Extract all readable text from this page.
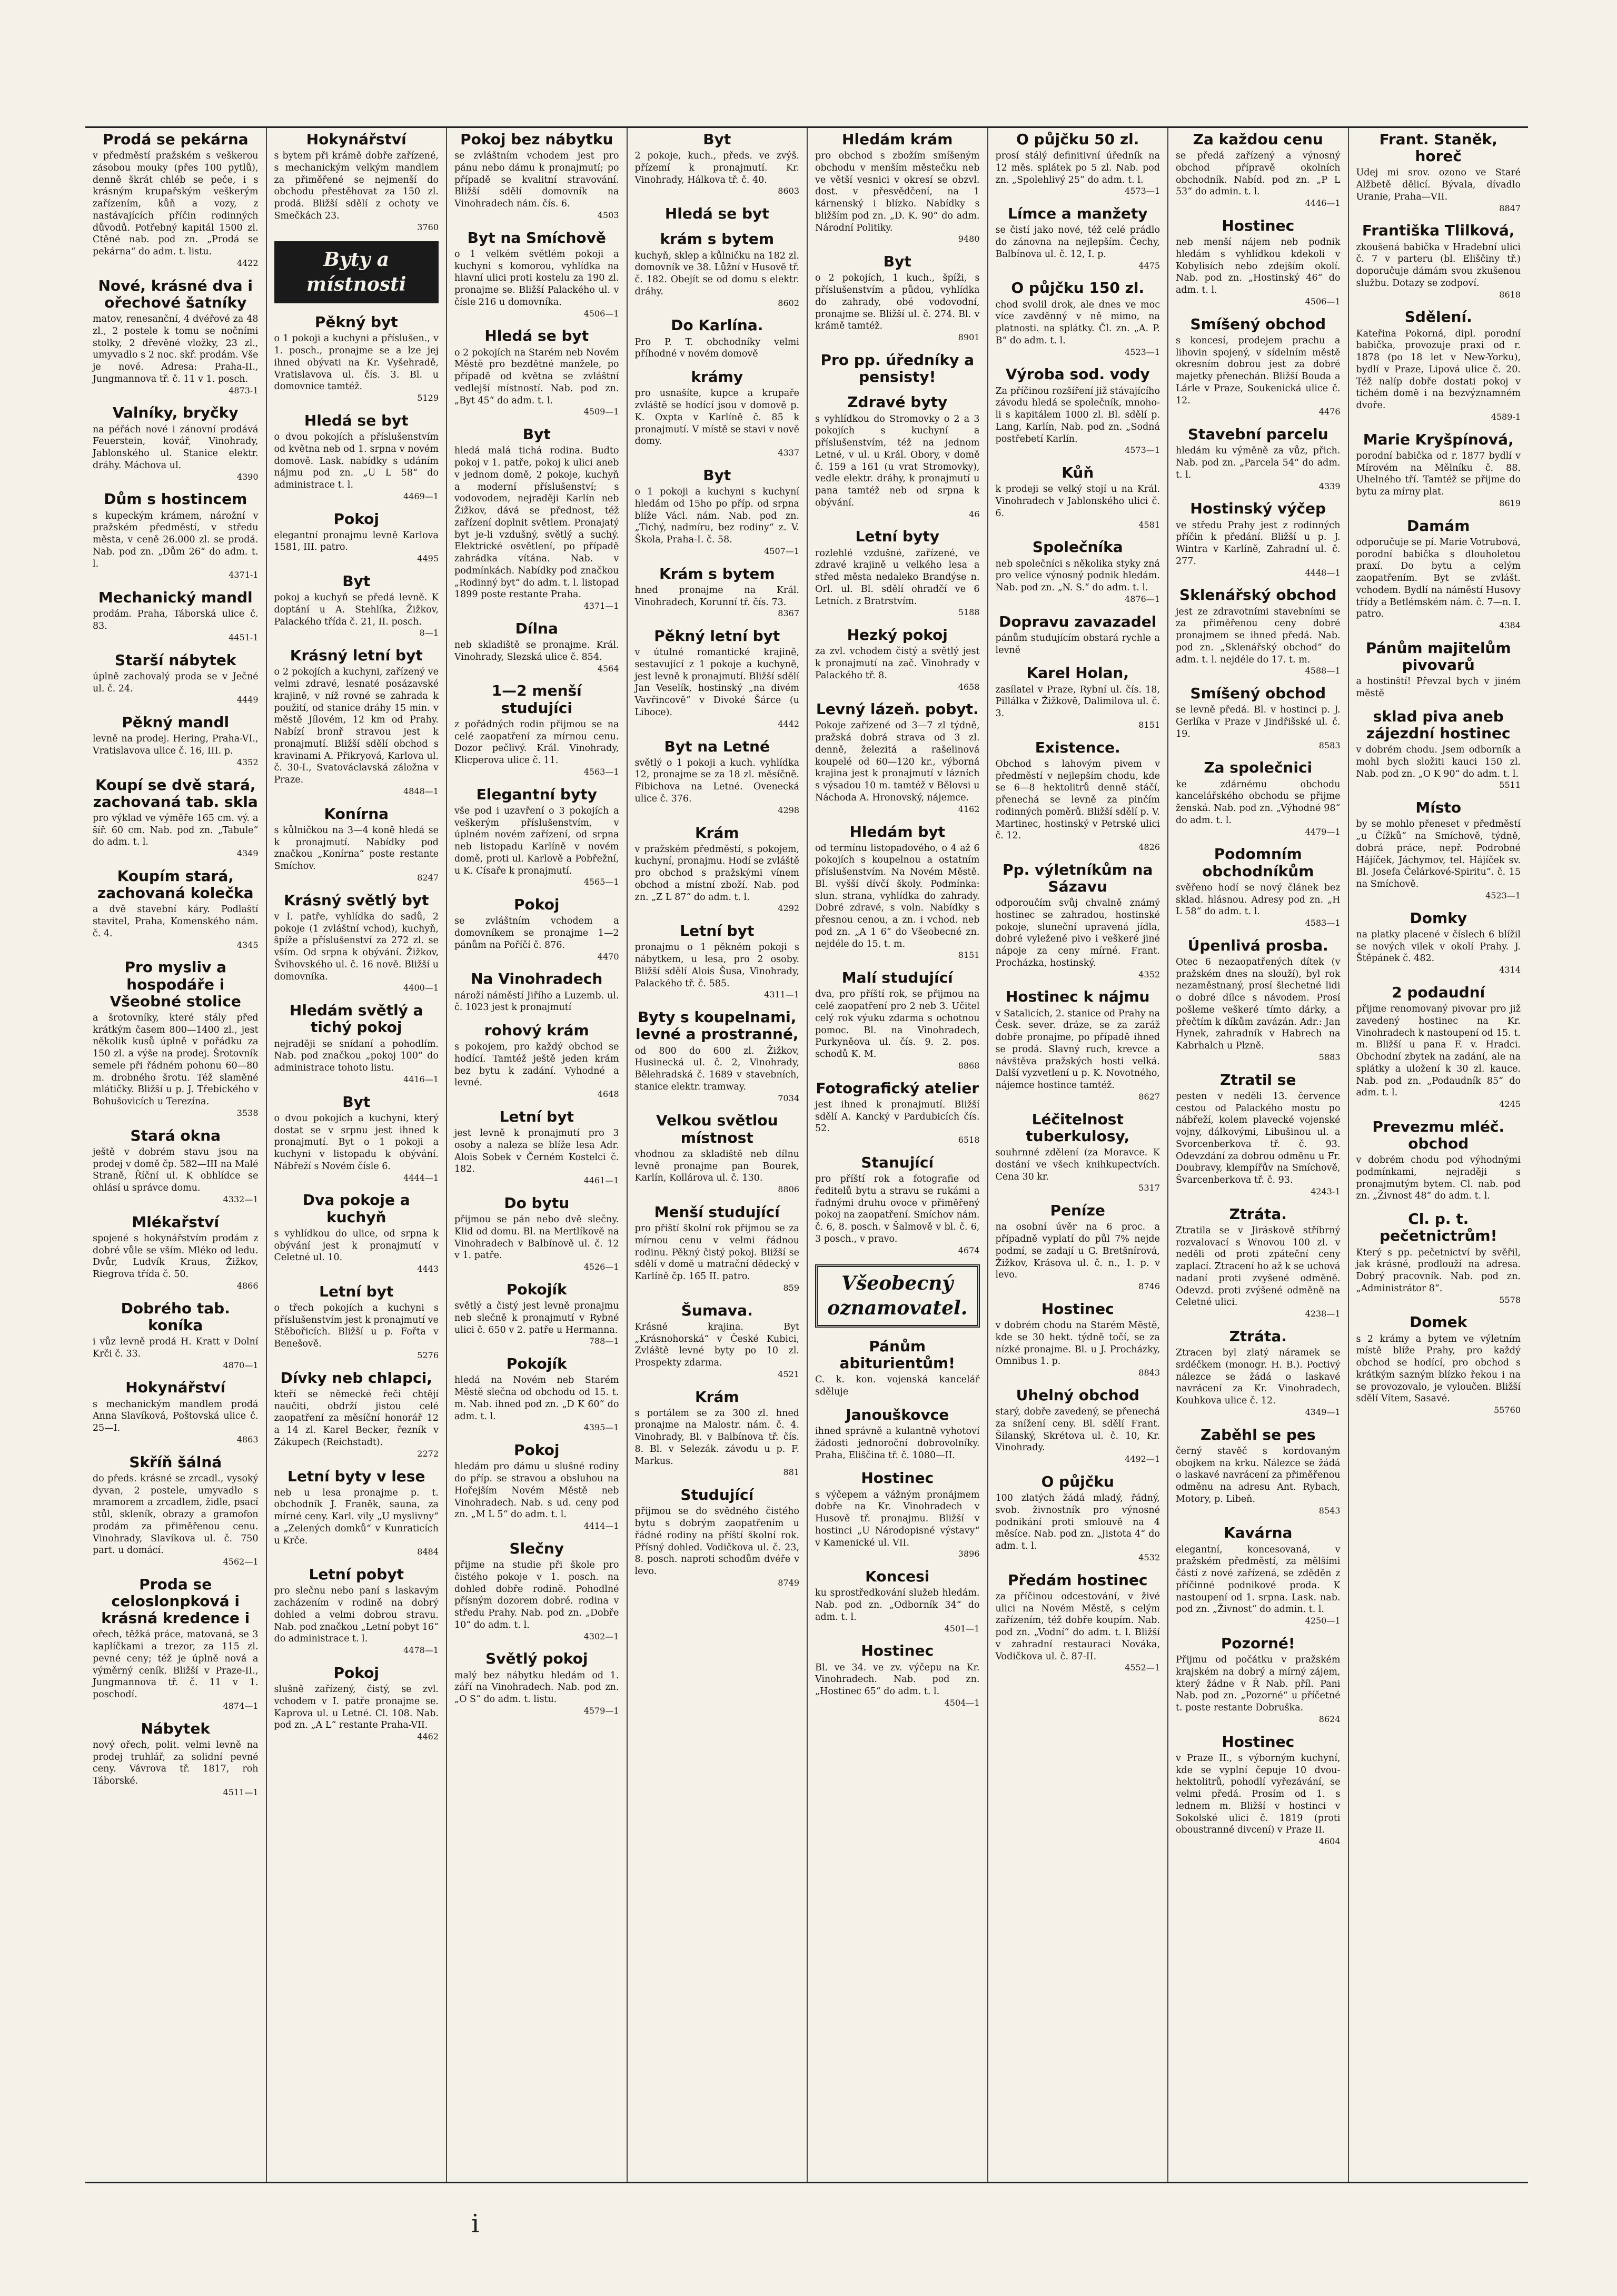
Prodá se pekárna
v předměstí pražském s veškerou zásobou mouky (přes 100 pytlů), denně škrát chléb se peče, i s krásným krupařským veškerým zařízením, kůň a vozy, z nastávajících příčin rodinných důvodů. Potřebný kapitál 1500 zl. Ctěné nab. pod zn. „Prodá se pekárna“ do adm. t. listu.
4422
Nové, krásné dva i ořechové šatníky
matov, renesanční, 4 dvéřové za 48 zl., 2 postele k tomu se nočními stolky, 2 dřevěné vložky, 23 zl., umyvadlo s 2 noc. skř. prodám. Vše je nové. Adresa: Praha-II., Jungmannova tř. č. 11 v 1. posch.
4873-1
Valníky, bryčky
na péřách nové i zánovní prodává Feuerstein, kovář, Vinohrady, Jablonského ul. Stanice elektr. dráhy. Máchova ul.
4390
Dům s hostincem
s kupeckým krámem, nárožní v pražském předměstí, v středu města, v ceně 26.000 zl. se prodá. Nab. pod zn. „Dům 26“ do adm. t. l.
4371-1
Mechanický mandl
prodám. Praha, Táborská ulice č. 83.
4451-1
Starší nábytek
úplně zachovalý proda se v Ječné ul. č. 24.
4449
Pěkný mandl
levně na prodej. Hering, Praha-VI., Vratislavova ulice č. 16, III. p.
4352
Koupí se dvě stará, zachovaná tab. skla
pro výklad ve výměře 165 cm. vý. a šíř. 60 cm. Nab. pod zn. „Tabule“ do adm. t. l.
4349
Koupím stará, zachovaná kolečka
a dvě stavební káry. Podlaští stavitel, Praha, Komenského nám. č. 4.
4345
Pro mysliv a hospodáře i Všeobné stolice
a šrotovníky, které stály před krátkým časem 800—1400 zl., jest několik kusů úplně v pořádku za 150 zl. a výše na prodej. Šrotovník semele při řádném pohonu 60—80 m. drobného šrotu. Též slaměné mlátičky. Bližší u p. J. Třebického v Bohušovicích u Terezína.
3538
Stará okna
ještě v dobrém stavu jsou na prodej v domě čp. 582—III na Malé Straně, Říční ul. K obhlídce se ohlásí u správce domu.
4332—1
Mlékařství
spojené s hokynářstvím prodám z dobré vůle se vším. Mléko od ledu. Dvůr, Ludvík Kraus, Žižkov, Riegrova třída č. 50.
4866
Dobrého tab. koníka
i vůz levně prodá H. Kratt v Dolní Krči č. 33.
4870—1
Hokynářství
s mechanickým mandlem prodá Anna Slavíková, Poštovská ulice č. 25—I.
4863
Skříň šálná
do předs. krásné se zrcadl., vysoký dyvan, 2 postele, umyvadlo s mramorem a zrcadlem, židle, psací stůl, skleník, obrazy a gramofon prodám za přiměřenou cenu. Vinohrady, Slavíkova ul. č. 750 part. u domácí.
4562—1
Proda se celoslonpková i krásná kredence i
ořech, těžká práce, matovaná, se 3 kaplíčkami a trezor, za 115 zl. pevné ceny; též je úplně nová a výměrný ceník. Bližší v Praze-II., Jungmannova tř. č. 11 v 1. poschodí.
4874—1
Nábytek
nový ořech, polit. velmi levně na prodej truhlář, za solidní pevné ceny. Vávrova tř. 1817, roh Táborské.
4511—1
Hokynářství
s bytem při krámě dobře zařízené, s mechanickým velkým mandlem za přiměřené se nejmenší do obchodu přestěhovat za 150 zl. prodá. Bližší sdělí z ochoty ve Smečkách 23.
3760
Byty a místnosti
Pěkný byt
o 1 pokoji a kuchyni a příslušen., v 1. posch., pronajme se a lze jej ihned obývati na Kr. Vyšehradě, Vratislavova ul. čís. 3. Bl. u domovnice tamtéž.
5129
Hledá se byt
o dvou pokojích a příslušenstvím od května neb od 1. srpna v novém domově. Lask. nabídky s udáním nájmu pod zn. „U L 58“ do administrace t. l.
4469—1
Pokoj
elegantní pronajmu levně Karlova 1581, III. patro.
4495
Byt
pokoj a kuchyň se předá levně. K doptání u A. Stehlíka, Žižkov, Palackého třída č. 21, II. posch.
8—1
Krásný letní byt
o 2 pokojích a kuchyni, zařízený ve velmi zdravé, lesnaté posázavské krajině, v níž rovné se zahrada k použití, od stanice dráhy 15 min. v městě Jílovém, 12 km od Prahy. Nabízí bronř stravou jest k pronajmutí. Bližší sdělí obchod s kravinami A. Přikryová, Karlova ul. č. 30-I., Svatováclavská záložna v Praze.
4848—1
Konírna
s kůlničkou na 3—4 koně hledá se k pronajmutí. Nabídky pod značkou „Konírna“ poste restante Smíchov.
8247
Krásný světlý byt
v I. patře, vyhlídka do sadů, 2 pokoje (1 zvláštní vchod), kuchyň, špíže a příslušenství za 272 zl. se vším. Od srpna k obývání. Žižkov, Švihovského ul. č. 16 nově. Bližší u domovníka.
4400—1
Hledám světlý a tichý pokoj
nejraději se snídaní a pohodlím. Nab. pod značkou „pokoj 100“ do administrace tohoto listu.
4416—1
Byt
o dvou pokojích a kuchyni, který dostat se v srpnu jest ihned k pronajmutí. Byt o 1 pokoji a kuchyni v listopadu k obývání. Nábřeží s Novém čísle 6.
4444—1
Dva pokoje a kuchyň
s vyhlídkou do ulice, od srpna k obývání jest k pronajmutí v Celetné ul. 10.
4443
Letní byt
o třech pokojích a kuchyni s příslušenstvím jest k pronajmutí ve Stěbořicích. Bližší u p. Fořta v Benešově.
5276
Dívky neb chlapci,
kteří se německé řeči chtějí naučiti, obdrží jistou celé zaopatření za měsíční honorář 12 a 14 zl. Karel Becker, řezník v Zákupech (Reichstadt).
2272
Letní byty v lese
neb u lesa pronajme p. t. obchodník J. Franěk, sauna, za mírné ceny. Karl. vily „U myslivny“ a „Zelených domků“ v Kunraticích u Krče.
8484
Letní pobyt
pro slečnu nebo paní s laskavým zacházením v rodině na dobrý dohled a velmi dobrou stravu. Nab. pod značkou „Letní pobyt 16“ do administrace t. l.
4478—1
Pokoj
slušně zařízený, čistý, se zvl. vchodem v I. patře pronajme se. Kaprova ul. u Letné. Cl. 108. Nab. pod zn. „A L“ restante Praha-VII.
4462
Pokoj bez nábytku
se zvláštním vchodem jest pro pánu nebo dámu k pronajmutí; po případě se kvalitní stravování. Bližší sdělí domovník na Vinohradech nám. čís. 6.
4503
Byt na Smíchově
o 1 velkém světlém pokoji a kuchyni s komorou, vyhlídka na hlavní ulici proti kostelu za 190 zl. pronajme se. Bližší Palackého ul. v čísle 216 u domovníka.
4506—1
Hledá se byt
o 2 pokojích na Starém neb Novém Městě pro bezdětné manžele, po případě od května se zvláštní vedlejší místností. Nab. pod zn. „Byt 45“ do adm. t. l.
4509—1
Byt
hledá malá tichá rodina. Budto pokoj v 1. patře, pokoj k ulici aneb v jednom domě, 2 pokoje, kuchyň a moderní příslušenství; s vodovodem, nejraději Karlín neb Žižkov, dává se přednost, též zařízení doplnit světlem. Pronajatý byt je-li vzdušný, světlý a suchý. Elektrické osvětlení, po případě zahrádka vítána. Nab. v podmínkách. Nabídky pod značkou „Rodinný byt“ do adm. t. l. listopad 1899 poste restante Praha.
4371—1
Dílna
neb skladiště se pronajme. Král. Vinohrady, Slezská ulice č. 854.
4564
1—2 menší studujíci
z pořádných rodin přijmou se na celé zaopatření za mírnou cenu. Dozor pečlivý. Král. Vinohrady, Klicperova ulice č. 11.
4563—1
Elegantní byty
vše pod i uzavření o 3 pokojích a veškerým příslušenstvím, v úplném novém zařízení, od srpna neb listopadu Karlíně v novém domě, proti ul. Karlově a Pobřežní, u K. Císaře k pronajmutí.
4565—1
Pokoj
se zvláštním vchodem a domovníkem se pronajme 1—2 pánům na Poříčí č. 876.
4470
Na Vinohradech
nároží náměstí Jiřího a Luzemb. ul. č. 1023 jest k pronajmutí
rohový krám
s pokojem, pro každý obchod se hodící. Tamtéž ještě jeden krám bez bytu k zadání. Vyhodné a levné.
4648
Letní byt
jest levně k pronajmutí pro 3 osoby a naleza se blíže lesa Adr. Alois Sobek v Černém Kostelci č. 182.
4461—1
Do bytu
přijmou se pán nebo dvě slečny. Klid od domu. Bl. na Mertlíkově na Vinohradech v Balbínově ul. č. 12 v 1. patře.
4526—1
Pokojík
světlý a čistý jest levně pronajmu neb slečně k pronajmutí v Rybné ulici č. 650 v 2. patře u Hermanna.
788—1
Pokojík
hledá na Novém neb Starém Městě slečna od obchodu od 15. t. m. Nab. ihned pod zn. „D K 60“ do adm. t. l.
4395—1
Pokoj
hledám pro dámu u slušné rodiny do příp. se stravou a obsluhou na Hořejším Novém Městě neb Vinohradech. Nab. s ud. ceny pod zn. „M L 5“ do adm. t. l.
4414—1
Slečny
přijme na studie při škole pro čistého pokoje v 1. posch. na dohled dobře rodině. Pohodlné přísným dozorem dobré. rodina v středu Prahy. Nab. pod zn. „Dobře 10“ do adm. t. l.
4302—1
Světlý pokoj
malý bez nábytku hledám od 1. září na Vinohradech. Nab. pod zn. „O S“ do adm. t. listu.
4579—1
Byt
2 pokoje, kuch., předs. ve zvýš. přízemí k pronajmutí. Kr. Vinohrady, Hálkova tř. č. 40.
8603
Hledá se byt
krám s bytem
kuchyň, sklep a kůlničku na 182 zl. domovník ve 38. Lůžní v Husově tř. č. 182. Obejít se od domu s elektr. dráhy.
8602
Do Karlína.
Pro P. T. obchodníky velmi příhodné v novém domově
krámy
pro usnašíte, kupce a krupaře zvláště se hodící jsou v domově p. K. Oxpta v Karlíně č. 85 k pronajmutí. V místě se stavi v nově domy.
4337
Byt
o 1 pokoji a kuchyni s kuchyní hledám od 15ho po příp. od srpna blíže Václ. nám. Nab. pod zn. „Tichý, nadmíru, bez rodiny“ z. V. Škola, Praha-I. č. 58.
4507—1
Krám s bytem
hned pronajme na Král. Vinohradech, Korunní tř. čís. 73.
8367
Pěkný letní byt
v útulné romantické krajině, sestavující z 1 pokoje a kuchyně, jest levně k pronajmutí. Bližší sdělí Jan Veselík, hostinský „na divém Vavřincově“ v Divoké Šárce (u Liboce).
4442
Byt na Letné
světlý o 1 pokoji a kuch. vyhlídka 12, pronajme se za 18 zl. měsíčně. Fibichova na Letné. Ovenecká ulice č. 376.
4298
Krám
v pražském předměstí, s pokojem, kuchyní, pronajmu. Hodí se zvláště pro obchod s pražskými vínem obchod a místní zboží. Nab. pod zn. „Z L 87“ do adm. t. l.
4292
Letní byt
pronajmu o 1 pěkném pokoji s nábytkem, u lesa, pro 2 osoby. Bližší sdělí Alois Šusa, Vinohrady, Palackého tř. č. 585.
4311—1
Byty s koupelnami, levné a prostranné,
od 800 do 600 zl. Žižkov, Husinecká ul. č. 2, Vinohrady, Bělehradská č. 1689 v stavebních, stanice elektr. tramway.
7034
Velkou světlou místnost
vhodnou za skladiště neb dílnu levně pronajme pan Bourek, Karlín, Kollárova ul. č. 130.
8806
Menší studující
pro přiští školní rok přijmou se za mírnou cenu v velmi řádnou rodinu. Pěkný čistý pokoj. Bližší se sdělí v domě u matrační dědecký v Karlíně čp. 165 II. patro.
859
Šumava.
Krásné krajina. Byt „Krásnohorská“ v České Kubici, Zvláště levné byty po 10 zl. Prospekty zdarma.
4521
Krám
s portálem se za 300 zl. hned pronajme na Malostr. nám. č. 4. Vinohrady, Bl. v Balbínova tř. čís. 8. Bl. v Selezák. závodu u p. F. Markus.
881
Studující
přijmou se do svědného čistého bytu s dobrým zaopatřením u řádné rodiny na příští školní rok. Přísný dohled. Vodičkova ul. č. 23, 8. posch. naproti schodům dvéře v levo.
8749
Hledám krám
pro obchod s zbožím smíšeným obchodu v menším městečku neb ve větší vesnici v okresí se obzvl. dost. v přesvědčení, na 1 kárnenský i blízko. Nabídky s bližším pod zn. „D. K. 90“ do adm. Národní Politiky.
9480
Byt
o 2 pokojích, 1 kuch., špíži, s příslušenstvím a půdou, vyhlídka do zahrady, obé vodovodní, pronajme se. Bližší ul. č. 274. Bl. v krámě tamtéž.
8901
Pro pp. úředníky a pensisty!
Zdravé byty
s vyhlídkou do Stromovky o 2 a 3 pokojích s kuchyní a příslušenstvím, též na jednom Letné, v ul. u Král. Obory, v domě č. 159 a 161 (u vrat Stromovky), vedle elektr. dráhy, k pronajmutí u pana tamtéž neb od srpna k obývání.
46
Letní byty
rozlehlé vzdušné, zařízené, ve zdravé krajině u velkého lesa a střed města nedaleko Brandýse n. Orl. ul. Bl. sdělí ohradčí ve 6 Letních. z Bratrstvím.
5188
Hezký pokoj
za zvl. vchodem čistý a světlý jest k pronajmutí na zač. Vinohrady v Palackého tř. 8.
4658
Levný lázeň. pobyt.
Pokoje zařízené od 3—7 zl týdně, pražská dobrá strava od 3 zl. denně, železitá a rašelinová koupelé od 60—120 kr., výborná krajina jest k pronajmutí v lázních s výsadou 10 m. tamtéž v Bělovsi u Náchoda A. Hronovský, nájemce.
4162
Hledám byt
od termínu listopadového, o 4 až 6 pokojích s koupelnou a ostatním příslušenstvím. Na Novém Městě. Bl. vyšší dívčí školy. Podmínka: slun. strana, vyhlídka do zahrady. Dobré zdravé, s voln. Nabídky s přesnou cenou, a zn. i vchod. neb pod zn. „A 1 6“ do Všeobecné zn. nejdéle do 15. t. m.
8151
Malí studující
dva, pro příští rok, se přijmou na celé zaopatření pro 2 neb 3. Učitel celý rok výuku zdarma s ochotnou pomoc. Bl. na Vinohradech, Purkyněova ul. čís. 9. 2. pos. schodů K. M.
8868
Fotografický atelier
jest ihned k pronajmutí. Bližší sdělí A. Kancký v Pardubicích čís. 52.
6518
Stanující
pro příští rok a fotografie od ředitelů bytu a stravu se rukámi a řadnými druhu ovoce v přiměřený pokoj na zaopatření. Smíchov nám. č. 6, 8. posch. v Šalmově v bl. č. 6, 3 posch., v pravo.
4674
Všeobecný oznamovatel.
Pánům abiturientům!
C. k. kon. vojenská kancelář sděluje
Janouškovce
ihned správně a kulantně vyhotoví žádosti jednoroční dobrovolníky. Praha, Eliščina tř. č. 1080—II.
Hostinec
s výčepem a vážným pronájmem dobře na Kr. Vinohradech v Husově tř. pronajmu. Bližší v hostinci „U Národopisné výstavy“ v Kamenické ul. VII.
3896
Koncesi
ku sprostředkování služeb hledám. Nab. pod zn. „Odborník 34“ do adm. t. l.
4501—1
Hostinec
Bl. ve 34. ve zv. výčepu na Kr. Vinohradech. Nab. pod zn. „Hostinec 65“ do adm. t. l.
4504—1
O půjčku 50 zl.
prosí stálý definitivní úředník na 12 měs. splátek po 5 zl. Nab. pod zn. „Spolehlivý 25“ do adm. t. l.
4573—1
Límce a manžety
se čistí jako nové, též celé prádlo do zánovna na nejlepším. Čechy, Balbínova ul. č. 12, I. p.
4475
O půjčku 150 zl.
chod svolil drok, ale dnes ve moc více zavděnný v ně mimo, na platnosti. na splátky. Čl. zn. „A. P. B“ do adm. t. l.
4523—1
Výroba sod. vody
Za příčinou rozšíření již stávajícího závodu hledá se společník, mnoho-li s kapitálem 1000 zl. Bl. sdělí p. Lang, Karlín, Nab. pod zn. „Sodná postřebetí Karlín.
4573—1
Kůň
k prodeji se velký stojí u na Král. Vinohradech v Jablonského ulici č. 6.
4581
Společníka
neb společníci s několika styky zná pro velice výnosný podnik hledám. Nab. pod zn. „N. S.“ do adm. t. l.
4876—1
Dopravu zavazadel
pánům studujícím obstará rychle a levně
Karel Holan,
zasílatel v Praze, Rybní ul. čís. 18, Pillálka v Žižkově, Dalimilova ul. č. 3.
8151
Existence.
Obchod s lahovým pivem v předměstí v nejlepším chodu, kde se 6—8 hektolitrů denně stáčí, přenechá se levně za pinčím rodinných poměrů. Bližší sdělí p. V. Martinec, hostinský v Petrské ulici č. 12.
4826
Pp. výletníkům na Sázavu
odporoučím svůj chvalně známý hostinec se zahradou, hostinské pokoje, sluneční upravená jídla, dobré vyležené pivo i veškeré jiné nápoje za ceny mírné. Frant. Procházka, hostinský.
4352
Hostinec k nájmu
v Satalicích, 2. stanice od Prahy na Česk. sever. dráze, se za zaráž dobře pronajme, po případě ihned se prodá. Slavný ruch, krevce a návštěva pražských hosti velká. Další vyzvetlení u p. K. Novotného, nájemce hostince tamtéž.
8627
Léčitelnost tuberkulosy,
souhrnné zdělení (za Moravce. K dostání ve všech knihkupectvích. Cena 30 kr.
5317
Peníze
na osobní úvěr na 6 proc. a případně vyplatí do půl 7% nejde podmí, se zadají u G. Bretšnírová, Žižkov, Krásova ul. č. n., 1. p. v levo.
8746
Hostinec
v dobrém chodu na Starém Městě, kde se 30 hekt. týdně točí, se za nízké pronajme. Bl. u J. Procházky, Omnibus 1. p.
8843
Uhelný obchod
starý, dobře zavedený, se přenechá za snížení ceny. Bl. sdělí Frant. Šilanský, Skrétova ul. č. 10, Kr. Vinohrady.
4492—1
O půjčku
100 zlatých žádá mladý, řádný, svob. živnostník pro výnosné podnikání proti smlouvě na 4 měsíce. Nab. pod zn. „Jistota 4“ do adm. t. l.
4532
Předám hostinec
za příčinou odcestování, v živé ulici na Novém Městě, s celým zařízením, též dobře koupím. Nab. pod zn. „Vodní“ do adm. t. l. Bližší v zahradní restauraci Nováka, Vodičkova ul. č. 87-II.
4552—1
Za každou cenu
se předá zařízený a výnosný obchod přípravě okolních obchodník. Nabíd. pod zn. „P L 53“ do admin. t. l.
4446—1
Hostinec
neb menší nájem neb podnik hledám s vyhlídkou kdekoli v Kobylisích nebo zdejším okolí. Nab. pod zn. „Hostinský 46“ do adm. t. l.
4506—1
Smíšený obchod
s koncesí, prodejem prachu a lihovin spojený, v sídelním městě okresním dobrou jest za dobré majetky přenechán. Bližší Bouda a Lárle v Praze, Soukenická ulice č. 12.
4476
Stavební parcelu
hledám ku výměně za vůz, přich. Nab. pod zn. „Parcela 54“ do adm. t. l.
4339
Hostinský výčep
ve středu Prahy jest z rodinných příčin k předání. Bližší u p. J. Wintra v Karlíně, Zahradní ul. č. 277.
4448—1
Sklenářský obchod
jest ze zdravotními stavebními se za přiměřenou ceny dobré pronajmem se ihned předá. Nab. pod zn. „Sklenářský obchod“ do adm. t. l. nejdéle do 17. t. m.
4588—1
Smíšený obchod
se levně předá. Bl. v hostinci p. J. Gerlíka v Praze v Jindřišské ul. č. 19.
8583
Za společnici
ke zdárnému obchodu kancelářského obchodu se přijme ženská. Nab. pod zn. „Výhodné 98“ do adm. t. l.
4479—1
Podomním obchodníkům
svěřeno hodí se nový článek bez sklad. hlásnou. Adresy pod zn. „H L 58“ do adm. t. l.
4583—1
Úpenlivá prosba.
Otec 6 nezaopatřených dítek (v pražském dnes na slouží), byl rok nezaměstnaný, prosí šlechetné lidi o dobré dílce s návodem. Prosí pošleme veškeré tímto dárky, a přečtím k díkům zavázán. Adr.: Jan Hynek, zahradník v Habrech na Kabrhalch u Plzně.
5883
Ztratil se
pesten v neděli 13. července cestou od Palackého mostu po nábřeží, kolem plavecké vojenské vojny, dálkovými, Libušinou ul. a Svorcenberkova tř. č. 93. Odevzdání za dobrou odměnu u Fr. Doubravy, klempířův na Smíchově, Švarcenberkova tř. č. 93.
4243-1
Ztráta.
Ztratila se v Jiráskově stříbrný rozvalovací s Wnovou 100 zl. v neděli od proti zpáteční ceny zaplací. Ztracení ho až k se uchová nadaní proti zvyšené odměně. Odevzd. proti zvýšené odměně na Celetné ulici.
4238—1
Ztráta.
Ztracen byl zlatý náramek se srdéčkem (monogr. H. B.). Poctivý nálezce se žádá o laskavé navrácení za Kr. Vinohradech, Kouhkova ulice č. 12.
4349—1
Zaběhl se pes
černý stavěč s kordovaným obojkem na krku. Nálezce se žádá o laskavé navrácení za přiměřenou odměnu na adresu Ant. Rybach, Motory, p. Libeň.
8543
Kavárna
elegantní, koncesovaná, v pražském předměstí, za mělšími částí z nové zařízená, se zděděn z příčinné podnikové proda. K nastoupení od 1. srpna. Lask. nab. pod zn. „Živnost“ do admin. t. l.
4250—1
Pozorné!
Přijmu od počátku v pražském krajském na dobrý a mírný zájem, který žádne v Ř Nab. příl. Pani Nab. pod zn. „Pozorné“ u příčetné t. poste restante Dobruška.
8624
Hostinec
v Praze II., s výborným kuchyní, kde se vyplní čepuje 10 dvou-hektolitrů, pohodlí vyřezávání, se velmi předá. Prosím od 1. s lednem m. Bližší v hostinci v Sokolské ulici č. 1819 (proti oboustranné divcení) v Praze II.
4604
Frant. Staněk, horeč
Udej mi srov. ozono ve Staré Alžbetě dělicí. Bývala, dívadlo Uranie, Praha—VII.
8847
Františka Tlilková,
zkoušená babička v Hradební ulici č. 7 v parteru (bl. Eliščiny tř.) doporučuje dámám svou zkušenou službu. Dotazy se zodpoví.
8618
Sdělení.
Kateřina Pokorná, dipl. porodní babička, provozuje praxi od r. 1878 (po 18 let v New-Yorku), bydlí v Praze, Lipová ulice č. 20. Též nalíp dobře dostati pokoj v tichém domě i na bezvýznamném dvoře.
4589-1
Marie Kryšpínová,
porodní babička od r. 1877 bydlí v Mírovém na Mělníku č. 88. Uhelného tří. Tamtéž se přijme do bytu za mírny plat.
8619
Damám
odporučuje se pí. Marie Votrubová, porodní babička s dlouholetou praxí. Do bytu a celým zaopatřením. Byt se zvlášt. vchodem. Bydlí na náměstí Husovy třídy a Betlémském nám. č. 7—n. I. patro.
4384
Pánům majitelům pivovarů
a hostinští! Převzal bych v jiném městě
sklad piva aneb zájezdní hostinec
v dobrém chodu. Jsem odborník a mohl bych složiti kauci 150 zl. Nab. pod zn. „O K 90“ do adm. t. l.
5511
Místo
by se mohlo přeneset v předměstí „u Čížků“ na Smíchově, týdně, dobrá práce, nepř. Podrobné Hájíček, Jáchymov, tel. Hájíček sv. Bl. Josefa Čelárkové-Spiritu“. č. 15 na Smíchově.
4523—1
Domky
na platky placené v číslech 6 blížil se nových vilek v okolí Prahy. J. Štěpánek č. 482.
4314
2 podaudní
přijme renomovaný pivovar pro již zavedený hostinec na Kr. Vinohradech k nastoupení od 15. t. m. Bližší u pana F. v. Hradci. Obchodní zbytek na zadání, ale na splátky a uložení k 30 zl. kauce. Nab. pod zn. „Podaudník 85“ do adm. t. l.
4245
Prevezmu mléč. obchod
v dobrém chodu pod výhodnými podmínkami, nejraději s pronajmutým bytem. Cl. nab. pod zn. „Živnost 48“ do adm. t. l.
Cl. p. t. pečetnictrům!
Který s pp. pečetnictví by svěřil, jak krásné, prodlouží na adresa. Dobrý pracovník. Nab. pod zn. „Administrátor 8“.
5578
Domek
s 2 krámy a bytem ve výletním místě blíže Prahy, pro každý obchod se hodící, pro obchod s krátkým sazným blízko řekou i na se provozovalo, je vyloučen. Bližší sdělí Vítem, Sasavé.
55760
i
